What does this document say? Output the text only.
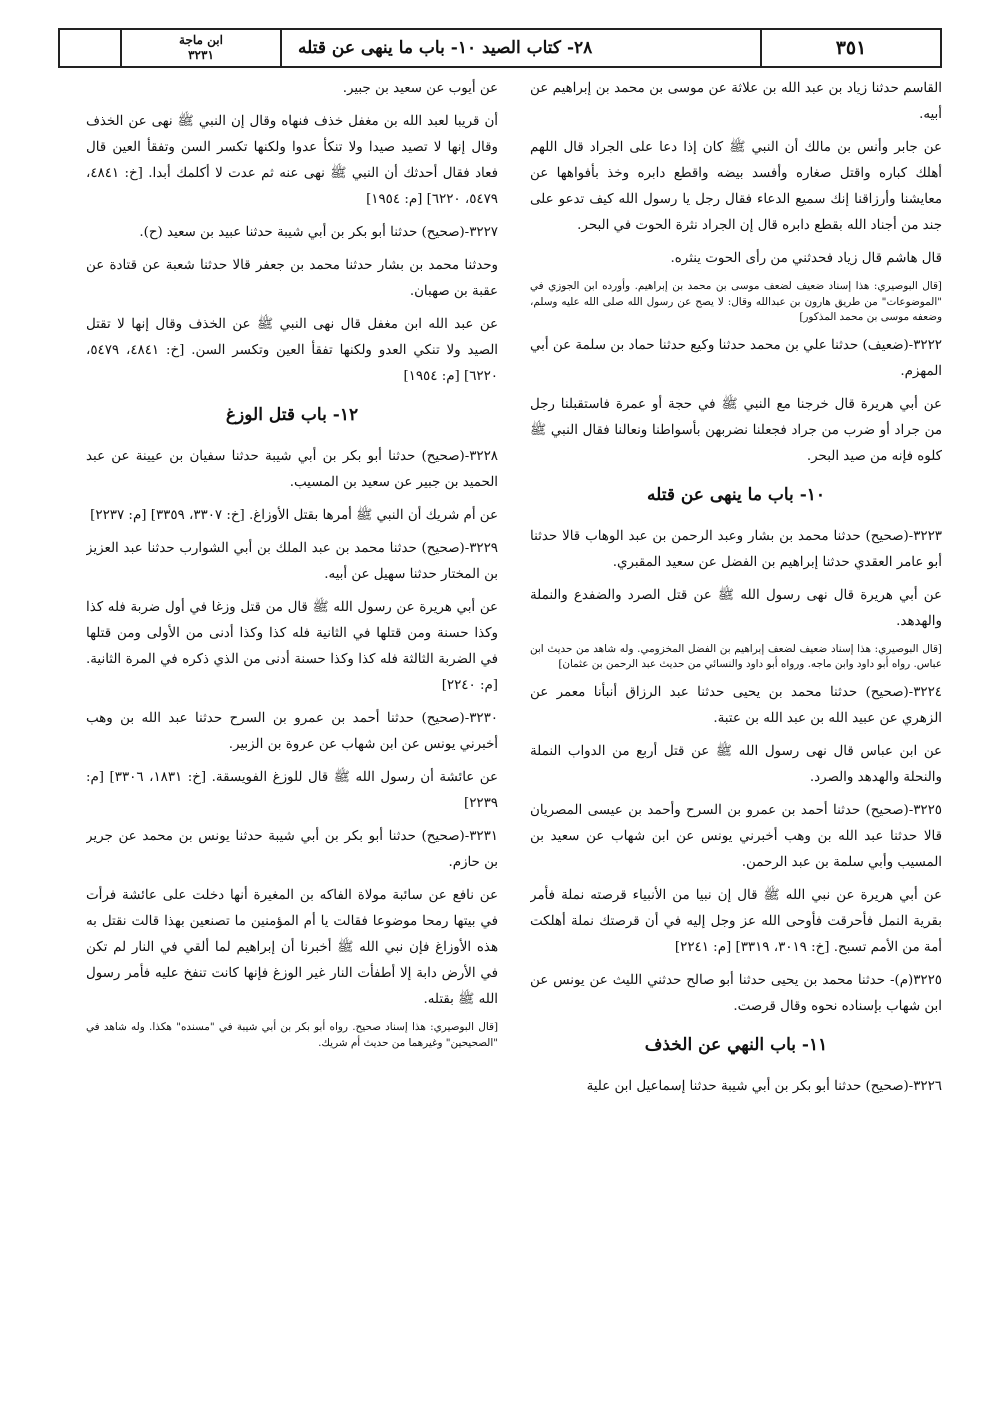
٣٥١
٢٨- كتاب الصيد ١٠- باب ما ينهى عن قتله
ابن ماجة
٣٢٣١

القاسم حدثنا زياد بن عبد الله بن علاثة عن موسى بن محمد بن إبراهيم عن أبيه.

عن جابر وأنس بن مالك أن النبي ﷺ كان إذا دعا على الجراد قال اللهم أهلك كباره واقتل صغاره وأفسد بيضه واقطع دابره وخذ بأفواهها عن معايشنا وأرزاقنا إنك سميع الدعاء فقال رجل يا رسول الله كيف تدعو على جند من أجناد الله بقطع دابره قال إن الجراد نثرة الحوت في البحر.

قال هاشم قال زياد فحدثني من رأى الحوت ينثره.

[قال البوصيري: هذا إسناد ضعيف لضعف موسى بن محمد بن إبراهيم. وأورده ابن الجوزي في "الموضوعات" من طريق هارون بن عبدالله وقال: لا يصح عن رسول الله صلى الله عليه وسلم، وضعفه موسى بن محمد المذكور]

٣٢٢٢-(ضعيف) حدثنا علي بن محمد حدثنا وكيع حدثنا حماد بن سلمة عن أبي المهزم.

عن أبي هريرة قال خرجنا مع النبي ﷺ في حجة أو عمرة فاستقبلنا رجل من جراد أو ضرب من جراد فجعلنا نضربهن بأسواطنا ونعالنا فقال النبي ﷺ كلوه فإنه من صيد البحر.

١٠- باب ما ينهى عن قتله

٣٢٢٣-(صحيح) حدثنا محمد بن بشار وعبد الرحمن بن عبد الوهاب قالا حدثنا أبو عامر العقدي حدثنا إبراهيم بن الفضل عن سعيد المقبري.

عن أبي هريرة قال نهى رسول الله ﷺ عن قتل الصرد والضفدع والنملة والهدهد.

[قال البوصيري: هذا إسناد ضعيف لضعف إبراهيم بن الفضل المخزومي. وله شاهد من حديث ابن عباس. رواه أبو داود وابن ماجه. ورواه أبو داود والنسائي من حديث عبد الرحمن بن عثمان]

٣٢٢٤-(صحيح) حدثنا محمد بن يحيى حدثنا عبد الرزاق أنبأنا معمر عن الزهري عن عبيد الله بن عبد الله بن عتبة.

عن ابن عباس قال نهى رسول الله ﷺ عن قتل أربع من الدواب النملة والنحلة والهدهد والصرد.

٣٢٢٥-(صحيح) حدثنا أحمد بن عمرو بن السرح وأحمد بن عيسى المصريان قالا حدثنا عبد الله بن وهب أخبرني يونس عن ابن شهاب عن سعيد بن المسيب وأبي سلمة بن عبد الرحمن.

عن أبي هريرة عن نبي الله ﷺ قال إن نبيا من الأنبياء قرصته نملة فأمر بقرية النمل فأحرقت فأوحى الله عز وجل إليه في أن قرصتك نملة أهلكت أمة من الأمم تسبح. [خ: ٣٠١٩، ٣٣١٩] [م: ٢٢٤١]

٣٢٢٥(م)- حدثنا محمد بن يحيى حدثنا أبو صالح حدثني الليث عن يونس عن ابن شهاب بإسناده نحوه وقال قرصت.

١١- باب النهي عن الخذف

٣٢٢٦-(صحيح) حدثنا أبو بكر بن أبي شيبة حدثنا إسماعيل ابن علية

عن أيوب عن سعيد بن جبير.

أن قريبا لعبد الله بن مغفل خذف فنهاه وقال إن النبي ﷺ نهى عن الخذف وقال إنها لا تصيد صيدا ولا تنكأ عدوا ولكنها تكسر السن وتفقأ العين قال فعاد فقال أحدثك أن النبي ﷺ نهى عنه ثم عدت لا أكلمك أبدا. [خ: ٤٨٤١، ٥٤٧٩، ٦٢٢٠] [م: ١٩٥٤]

٣٢٢٧-(صحيح) حدثنا أبو بكر بن أبي شيبة حدثنا عبيد بن سعيد (ح).

وحدثنا محمد بن بشار حدثنا محمد بن جعفر قالا حدثنا شعبة عن قتادة عن عقبة بن صهبان.

عن عبد الله ابن مغفل قال نهى النبي ﷺ عن الخذف وقال إنها لا تقتل الصيد ولا تنكي العدو ولكنها تفقأ العين وتكسر السن. [خ: ٤٨٤١، ٥٤٧٩، ٦٢٢٠] [م: ١٩٥٤]

١٢- باب قتل الوزغ

٣٢٢٨-(صحيح) حدثنا أبو بكر بن أبي شيبة حدثنا سفيان بن عيينة عن عبد الحميد بن جبير عن سعيد بن المسيب.

عن أم شريك أن النبي ﷺ أمرها بقتل الأوزاغ. [خ: ٣٣٠٧، ٣٣٥٩] [م: ٢٢٣٧]

٣٢٢٩-(صحيح) حدثنا محمد بن عبد الملك بن أبي الشوارب حدثنا عبد العزيز بن المختار حدثنا سهيل عن أبيه.

عن أبي هريرة عن رسول الله ﷺ قال من قتل وزغا في أول ضربة فله كذا وكذا حسنة ومن قتلها في الثانية فله كذا وكذا أدنى من الأولى ومن قتلها في الضربة الثالثة فله كذا وكذا حسنة أدنى من الذي ذكره في المرة الثانية. [م: ٢٢٤٠]

٣٢٣٠-(صحيح) حدثنا أحمد بن عمرو بن السرح حدثنا عبد الله بن وهب أخبرني يونس عن ابن شهاب عن عروة بن الزبير.

عن عائشة أن رسول الله ﷺ قال للوزغ الفويسقة. [خ: ١٨٣١، ٣٣٠٦] [م: ٢٢٣٩]

٣٢٣١-(صحيح) حدثنا أبو بكر بن أبي شيبة حدثنا يونس بن محمد عن جرير بن حازم.

عن نافع عن سائبة مولاة الفاكه بن المغيرة أنها دخلت على عائشة فرأت في بيتها رمحا موضوعا فقالت يا أم المؤمنين ما تصنعين بهذا قالت نقتل به هذه الأوزاغ فإن نبي الله ﷺ أخبرنا أن إبراهيم لما ألقي في النار لم تكن في الأرض دابة إلا أطفأت النار غير الوزغ فإنها كانت تنفخ عليه فأمر رسول الله ﷺ بقتله.

[قال البوصيري: هذا إسناد صحيح. رواه أبو بكر بن أبي شيبة في "مسنده" هكذا. وله شاهد في "الصحيحين" وغيرهما من حديث أم شريك.
